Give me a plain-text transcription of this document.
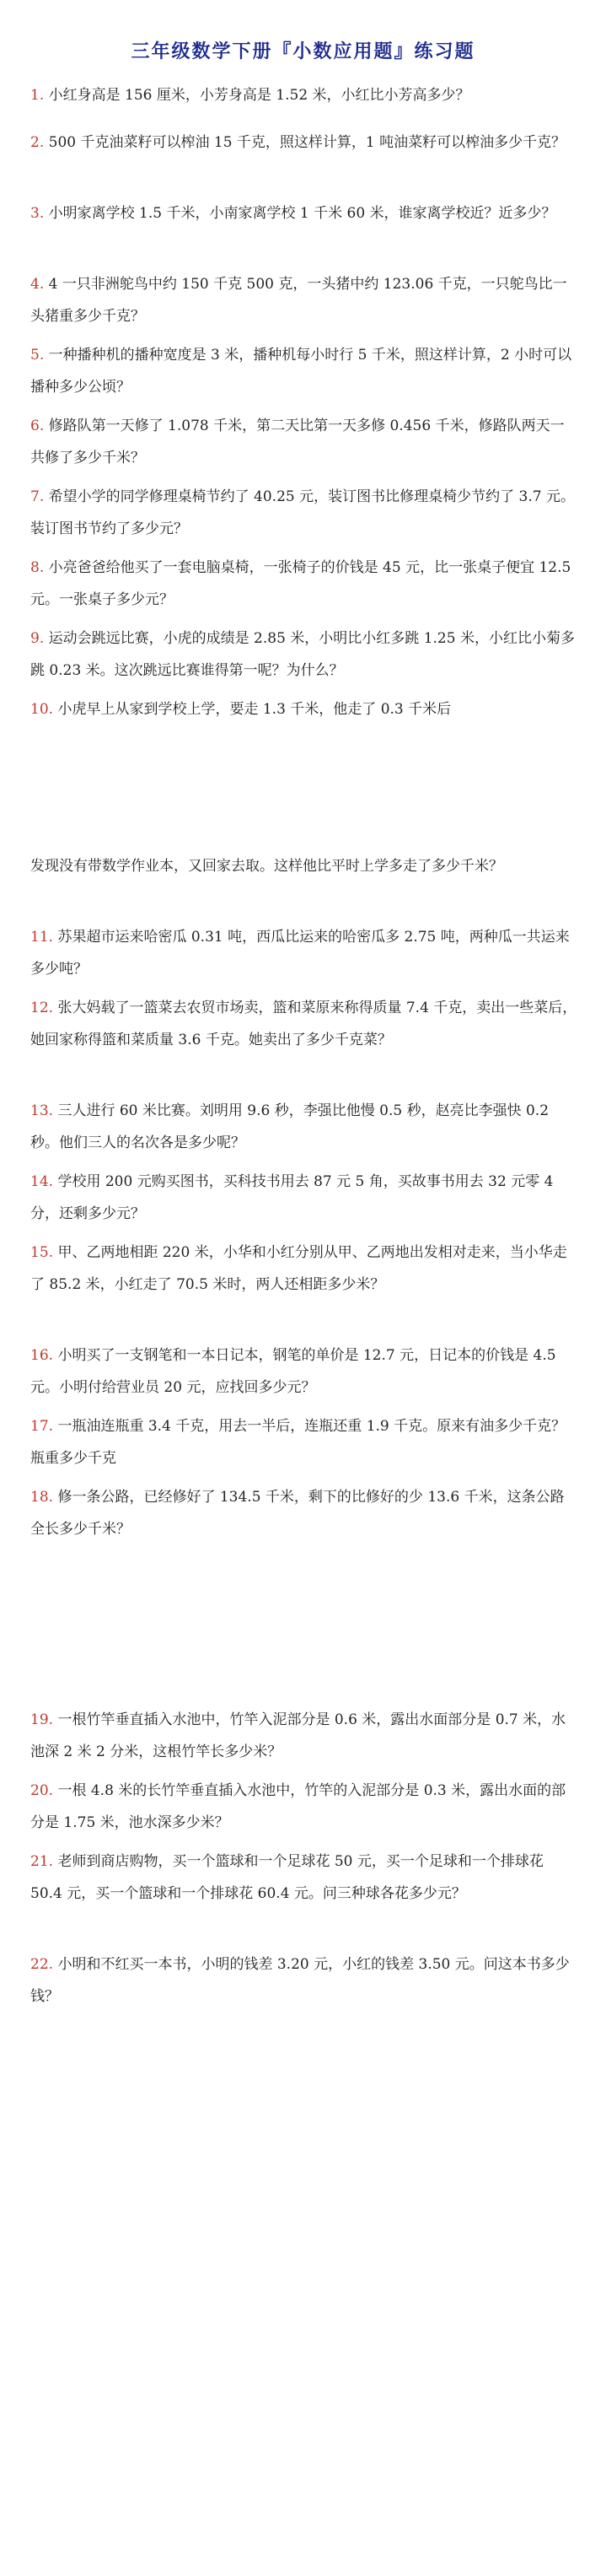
三年级数学下册『小数应用题』练习题
1. 小红身高是 156 厘米，小芳身高是 1.52 米，小红比小芳高多少？
2. 500 千克油菜籽可以榨油 15 千克，照这样计算，1 吨油菜籽可以榨油多少千克？
3. 小明家离学校 1.5 千米，小南家离学校 1 千米 60 米，谁家离学校近？近多少？
4. 4 一只非洲鸵鸟中约 150 千克 500 克，一头猪中约 123.06 千克，一只鸵鸟比一头猪重多少千克？
5. 一种播种机的播种宽度是 3 米，播种机每小时行 5 千米，照这样计算，2 小时可以播种多少公顷？
6. 修路队第一天修了 1.078 千米，第二天比第一天多修 0.456 千米，修路队两天一共修了多少千米？
7. 希望小学的同学修理桌椅节约了 40.25 元，装订图书比修理桌椅少节约了 3.7 元。装订图书节约了多少元？
8. 小亮爸爸给他买了一套电脑桌椅，一张椅子的价钱是 45 元，比一张桌子便宜 12.5 元。一张桌子多少元？
9. 运动会跳远比赛，小虎的成绩是 2.85 米，小明比小红多跳 1.25 米，小红比小菊多跳 0.23 米。这次跳远比赛谁得第一呢？为什么？
10. 小虎早上从家到学校上学，要走 1.3 千米，他走了 0.3 千米后
发现没有带数学作业本，又回家去取。这样他比平时上学多走了多少千米？
11. 苏果超市运来哈密瓜 0.31 吨，西瓜比运来的哈密瓜多 2.75 吨，两种瓜一共运来多少吨？
12. 张大妈载了一篮菜去农贸市场卖，篮和菜原来称得质量 7.4 千克，卖出一些菜后，她回家称得篮和菜质量 3.6 千克。她卖出了多少千克菜？
13. 三人进行 60 米比赛。刘明用 9.6 秒，李强比他慢 0.5 秒，赵亮比李强快 0.2 秒。他们三人的名次各是多少呢？
14. 学校用 200 元购买图书，买科技书用去 87 元 5 角，买故事书用去 32 元零 4 分，还剩多少元？
15. 甲、乙两地相距 220 米，小华和小红分别从甲、乙两地出发相对走来，当小华走了 85.2 米，小红走了 70.5 米时，两人还相距多少米？
16. 小明买了一支钢笔和一本日记本，钢笔的单价是 12.7 元，日记本的价钱是 4.5 元。小明付给营业员 20 元，应找回多少元？
17. 一瓶油连瓶重 3.4 千克，用去一半后，连瓶还重 1.9 千克。原来有油多少千克？瓶重多少千克
18. 修一条公路，已经修好了 134.5 千米，剩下的比修好的少 13.6 千米，这条公路全长多少千米？
19. 一根竹竿垂直插入水池中，竹竿入泥部分是 0.6 米，露出水面部分是 0.7 米，水池深 2 米 2 分米，这根竹竿长多少米？
20. 一根 4.8 米的长竹竿垂直插入水池中，竹竿的入泥部分是 0.3 米，露出水面的部分是 1.75 米，池水深多少米？
21. 老师到商店购物，买一个篮球和一个足球花 50 元，买一个足球和一个排球花 50.4 元，买一个篮球和一个排球花 60.4 元。问三种球各花多少元？
22. 小明和不红买一本书，小明的钱差 3.20 元，小红的钱差 3.50 元。问这本书多少钱？
